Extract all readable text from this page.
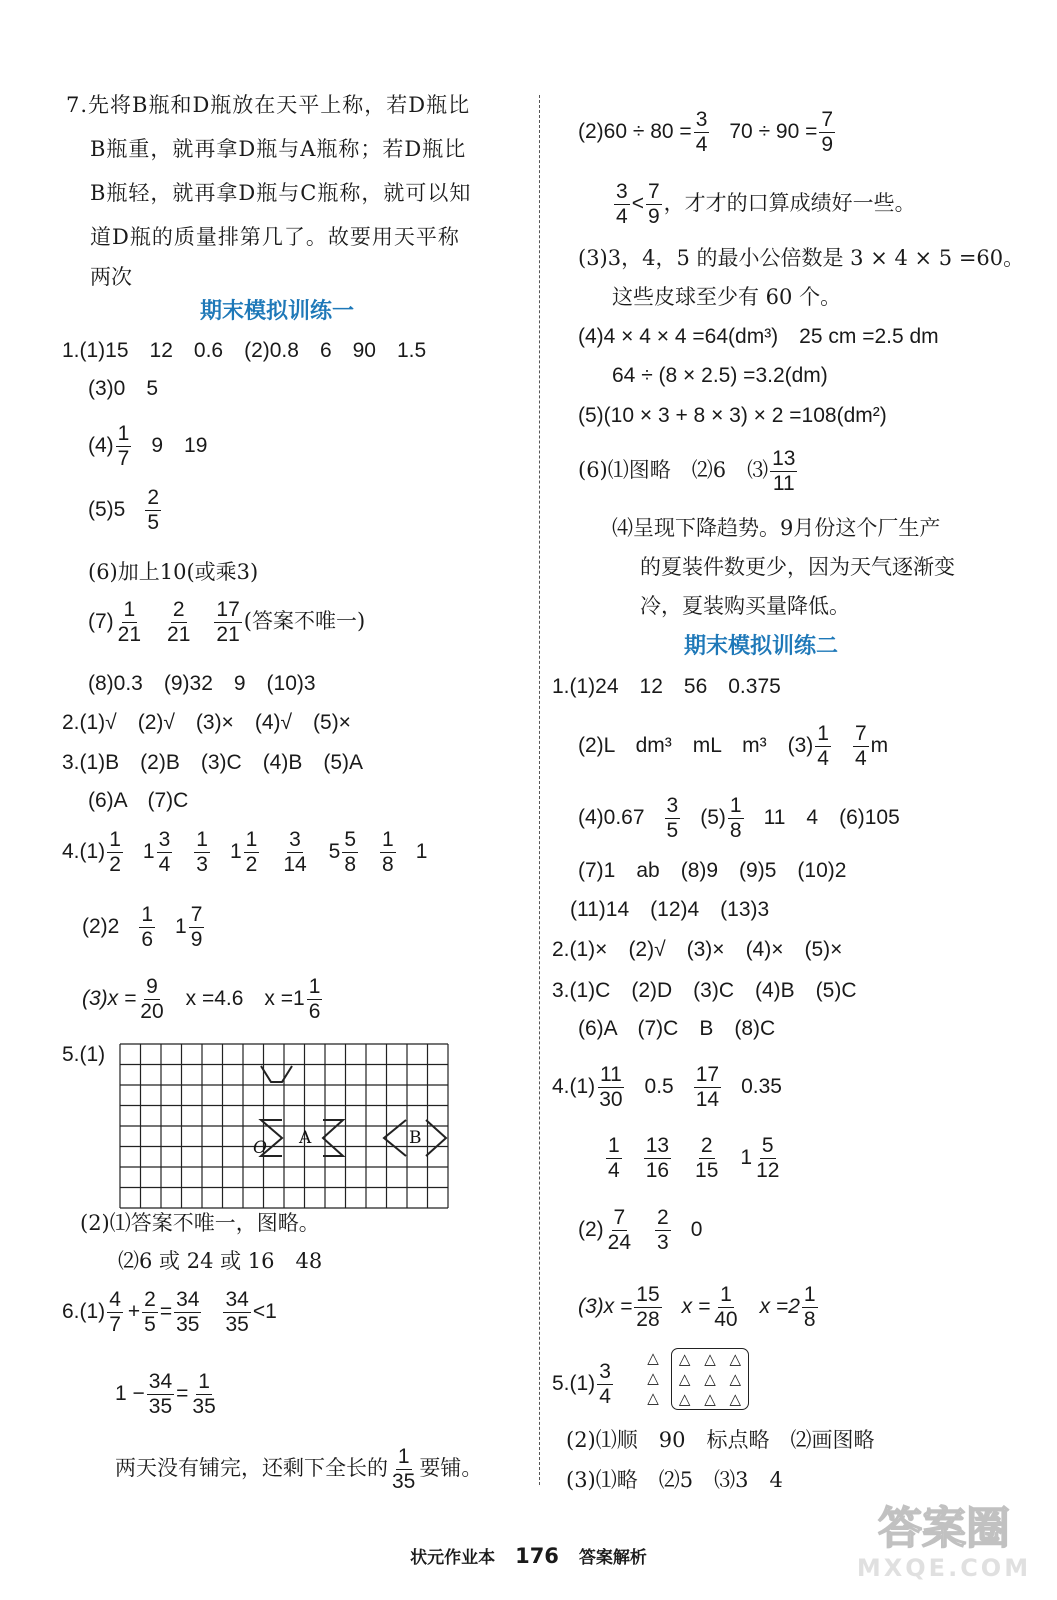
7.先将B瓶和D瓶放在天平上称，若D瓶比
B瓶重，就再拿D瓶与A瓶称；若D瓶比
B瓶轻，就再拿D瓶与C瓶称，就可以知
道D瓶的质量排第几了。故要用天平称
两次
期末模拟训练一
1.(1)15　12　0.6　(2)0.8　6　90　1.5
(3)0　5
$(4) \frac{1}{7} 9$　19
$(5)5 \frac{2}{5}$
(6)加上10(或乘3)
$(7) \frac{1}{21} \frac{2}{21} \frac{17}{21}$ (答案不唯一)
(8)0.3　(9)32　9　(10)3
2.(1)√　(2)√　(3)×　(4)√　(5)×
3.(1)B　(2)B　(3)C　(4)B　(5)A
(6)A　(7)C
$4.(1) \frac{1}{2} 1 \frac{3}{4} \frac{1}{3} 1 \frac{1}{2} \frac{3}{14} 5 \frac{5}{8} \frac{1}{8} 1$
$(2)2 \frac{1}{6} 1 \frac{7}{9}$
$(3)x = \frac{9}{20}$ x =4.6　$x =1 \frac{1}{6}$
5.(1)
O A	B
(2)⑴答案不唯一，图略。
⑵6 或 24 或 16　48
$6.(1) \frac{4}{7} + \frac{2}{5} = \frac{34}{35} \frac{34}{35} <1$
$1 - \frac{34}{35} = \frac{1}{35}$
两天没有铺完，还剩下全长的 $\frac{1}{35}$ 要铺。
$(2)60 \div 80 = \frac{3}{4} 70 \div 90 = \frac{7}{9}$
$\frac{3}{4} < \frac{7}{9}$ ，才才的口算成绩好一些。
(3)3，4，5 的最小公倍数是 3 × 4 × 5 =60。
这些皮球至少有 60 个。
(4)4 × 4 × 4 =64(dm³)　25 cm =2.5 dm
64 ÷ (8 × 2.5) =3.2(dm)
(5)(10 × 3 + 8 × 3) × 2 =108(dm²)
(6)⑴图略　⑵6　⑶ $\frac{13}{11}$
⑷呈现下降趋势。9月份这个厂生产
的夏装件数更少，因为天气逐渐变
冷，夏装购买量降低。
期末模拟训练二
1.(1)24　12　56　0.375
(2)L　dm³　mL　m³　$(3) \frac{1}{4} \frac{7}{4}$ m
$(4)0.67 \frac{3}{5} (5) \frac{1}{8} 11$　4　(6)105
(7)1　ab　(8)9　(9)5　(10)2
(11)14　(12)4　(13)3
2.(1)×　(2)√　(3)×　(4)×　(5)×
3.(1)C　(2)D　(3)C　(4)B　(5)C
(6)A　(7)C　B　(8)C
$4.(1) \frac{11}{30} 0.5 \frac{17}{14} 0.35$
$\frac{1}{4} \frac{13}{16} \frac{2}{15} 1 \frac{5}{12}$
$(2) \frac{7}{24} \frac{2}{3} 0$
$(3)x = \frac{15}{28}$ $x = \frac{1}{40}$ $x =2 \frac{1}{8}$
$5.(1) \frac{3}{4}$
△
△
△
△ △ △
△ △ △
△ △ △
(2)⑴顺　90　标点略　⑵画图略
(3)⑴略　⑵5　⑶3　4
状元作业本 176 答案解析
答案圈
MXQE.COM
